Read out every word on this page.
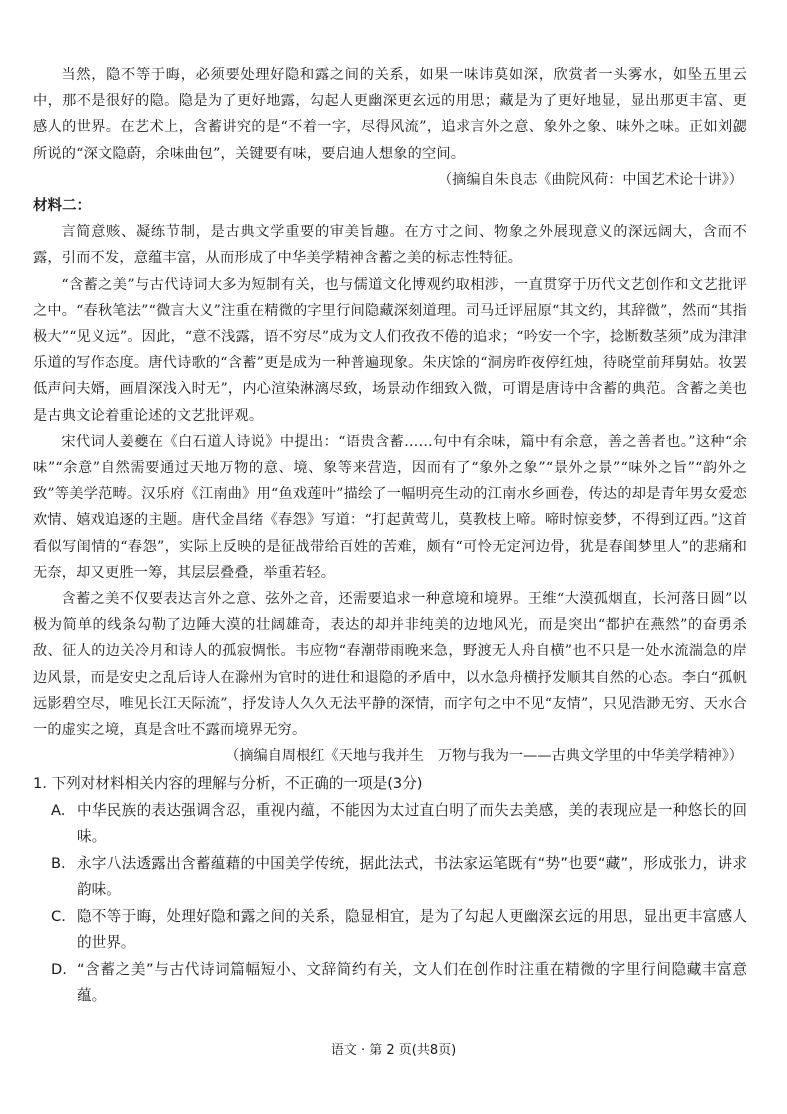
当然，隐不等于晦，必须要处理好隐和露之间的关系，如果一味讳莫如深，欣赏者一头雾水，如坠五里云中，那不是很好的隐。隐是为了更好地露，勾起人更幽深更玄远的用思；藏是为了更好地显，显出那更丰富、更感人的世界。在艺术上，含蓄讲究的是“不着一字，尽得风流”，追求言外之意、象外之象、味外之味。正如刘勰所说的“深文隐蔚，余味曲包”，关键要有味，要启迪人想象的空间。

（摘编自朱良志《曲院风荷：中国艺术论十讲》）

材料二：

言简意赅、凝练节制，是古典文学重要的审美旨趣。在方寸之间、物象之外展现意义的深远阔大，含而不露，引而不发，意蕴丰富，从而形成了中华美学精神含蓄之美的标志性特征。

“含蓄之美”与古代诗词大多为短制有关，也与儒道文化博观约取相涉，一直贯穿于历代文艺创作和文艺批评之中。“春秋笔法”“微言大义”注重在精微的字里行间隐藏深刻道理。司马迁评屈原“其文约，其辞微”，然而“其指极大”“见义远”。因此，“意不浅露，语不穷尽”成为文人们孜孜不倦的追求；“吟安一个字，捻断数茎须”成为津津乐道的写作态度。唐代诗歌的“含蓄”更是成为一种普遍现象。朱庆馀的“洞房昨夜停红烛，待晓堂前拜舅姑。妆罢低声问夫婿，画眉深浅入时无”，内心渲染淋漓尽致，场景动作细致入微，可谓是唐诗中含蓄的典范。含蓄之美也是古典文论着重论述的文艺批评观。

宋代词人姜夔在《白石道人诗说》中提出：“语贵含蓄……句中有余味，篇中有余意，善之善者也。”这种“余味”“余意”自然需要通过天地万物的意、境、象等来营造，因而有了“象外之象”“景外之景”“味外之旨”“韵外之致”等美学范畴。汉乐府《江南曲》用“鱼戏莲叶”描绘了一幅明亮生动的江南水乡画卷，传达的却是青年男女爱恋欢情、嬉戏追逐的主题。唐代金昌绪《春怨》写道：“打起黄莺儿，莫教枝上啼。啼时惊妾梦，不得到辽西。”这首看似写闺情的“春怨”，实际上反映的是征战带给百姓的苦难，颇有“可怜无定河边骨，犹是春闺梦里人”的悲痛和无奈，却又更胜一筹，其层层叠叠，举重若轻。

含蓄之美不仅要表达言外之意、弦外之音，还需要追求一种意境和境界。王维“大漠孤烟直，长河落日圆”以极为简单的线条勾勒了边陲大漠的壮阔雄奇，表达的却并非纯美的边地风光，而是突出“都护在燕然”的奋勇杀敌、征人的边关冷月和诗人的孤寂惆怅。韦应物“春潮带雨晚来急，野渡无人舟自横”也不只是一处水流湍急的岸边风景，而是安史之乱后诗人在滁州为官时的进仕和退隐的矛盾中，以水急舟横抒发顺其自然的心态。李白“孤帆远影碧空尽，唯见长江天际流”，抒发诗人久久无法平静的深情，而字句之中不见“友情”，只见浩渺无穷、天水合一的虚实之境，真是含吐不露而境界无穷。

（摘编自周根红《天地与我并生　万物与我为一——古典文学里的中华美学精神》）

1. 下列对材料相关内容的理解与分析，不正确的一项是(3分)

A. 中华民族的表达强调含忍，重视内蕴，不能因为太过直白明了而失去美感，美的表现应是一种悠长的回味。
B. 永字八法透露出含蓄蕴藉的中国美学传统，据此法式，书法家运笔既有“势”也要“藏”，形成张力，讲求韵味。
C. 隐不等于晦，处理好隐和露之间的关系，隐显相宜，是为了勾起人更幽深玄远的用思，显出更丰富感人的世界。
D. “含蓄之美”与古代诗词篇幅短小、文辞简约有关，文人们在创作时注重在精微的字里行间隐藏丰富意蕴。
语文 · 第 2 页(共8页)
